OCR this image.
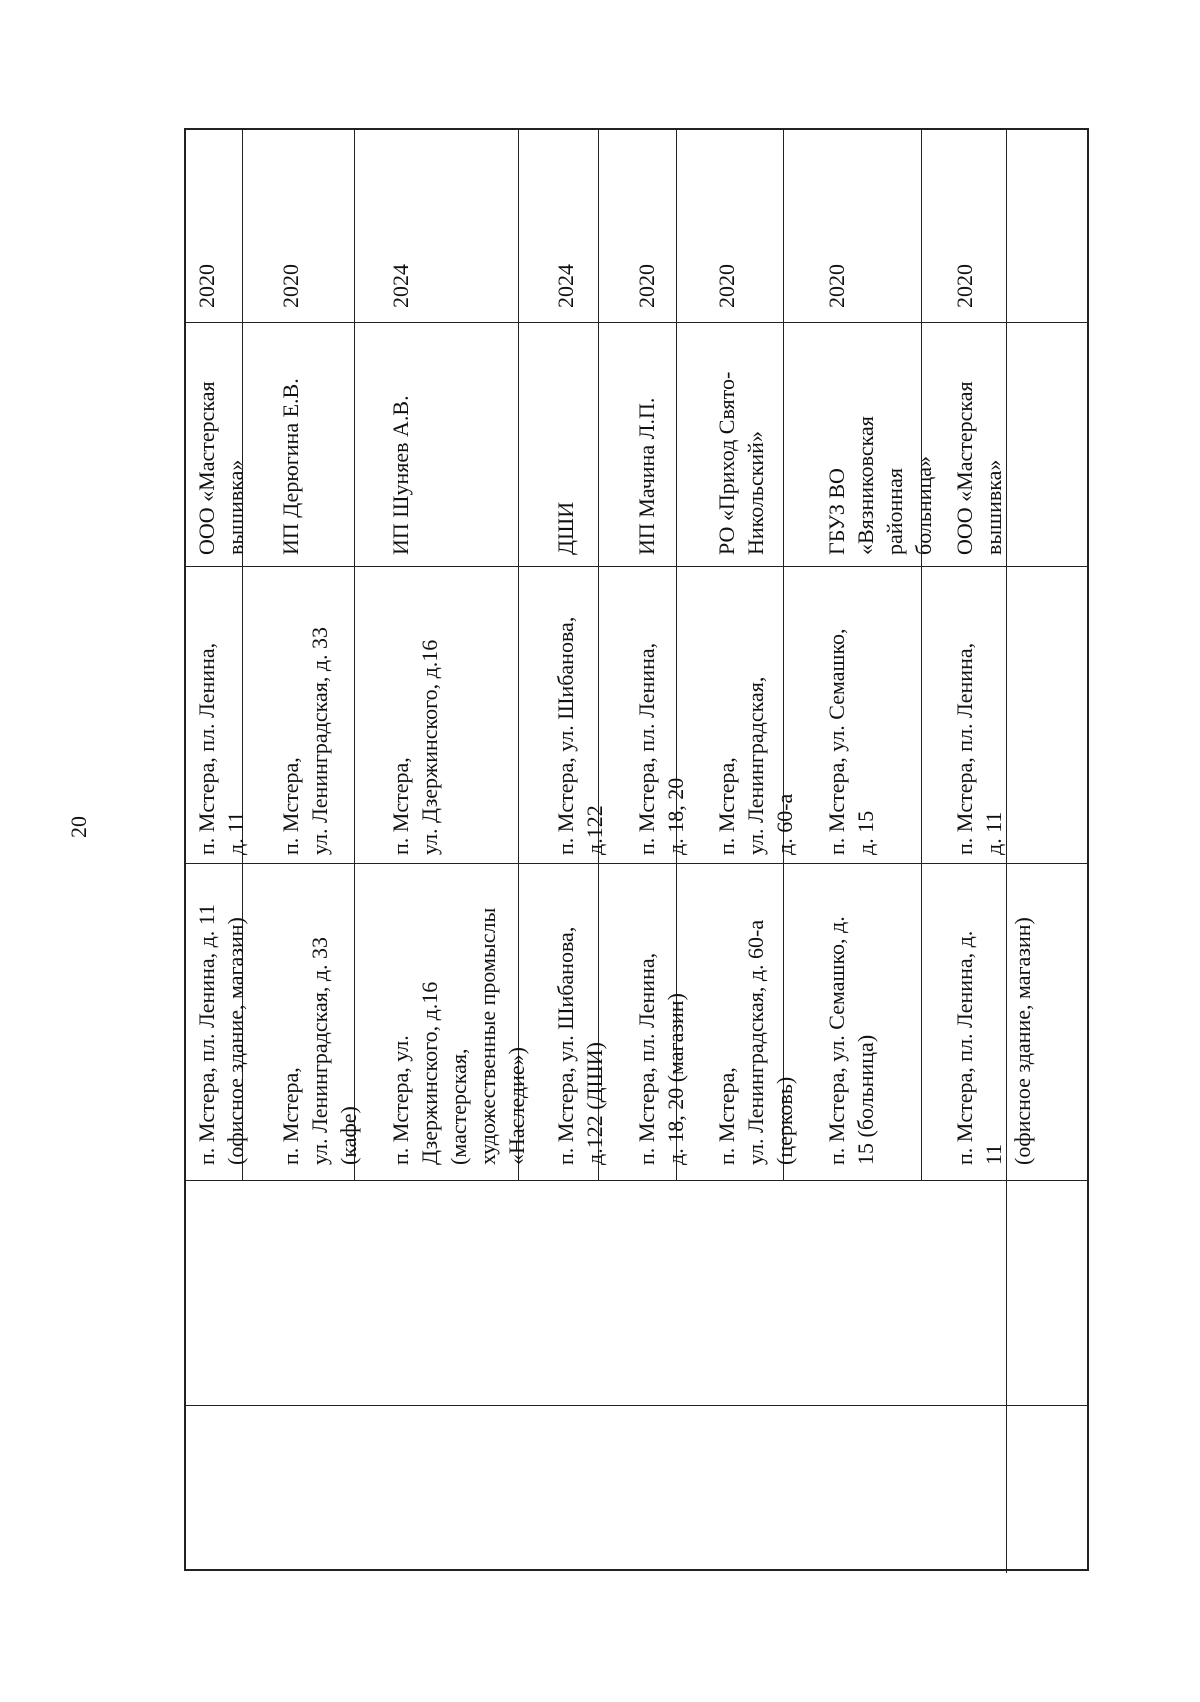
20
п. Мстера, пл. Ленина, д. 11
(офисное здание, магазин)
п. Мстера, пл. Ленина,
д. 11
ООО «Мастерская
вышивка»
2020
п. Мстера,
ул. Ленинградская, д. 33
(кафе)
п. Мстера,
ул. Ленинградская, д. 33
ИП Дерюгина Е.В.
2020
п. Мстера, ул.
Дзержинского, д.16
(мастерская,
художественные промыслы
«Наследие»)
п. Мстера,
ул. Дзержинского, д.16
ИП Шуняев А.В.
2024
п. Мстера, ул. Шибанова,
д.122 (ДШИ)
п. Мстера, ул. Шибанова,
д.122
ДШИ
2024
п. Мстера, пл. Ленина,
д. 18, 20 (магазин)
п. Мстера, пл. Ленина,
д. 18, 20
ИП Мачина Л.П.
2020
п. Мстера,
ул. Ленинградская, д. 60-а
(церковь)
п. Мстера,
ул. Ленинградская,
д. 60-а
РО «Приход Свято-
Никольский»
2020
п. Мстера, ул. Семашко, д.
15 (больница)
п. Мстера, ул. Семашко,
д. 15
ГБУЗ ВО
«Вязниковская
районная
больница»
2020
п. Мстера, пл. Ленина, д. 11
(офисное здание, магазин)
п. Мстера, пл. Ленина,
д. 11
ООО «Мастерская
вышивка»
2020
